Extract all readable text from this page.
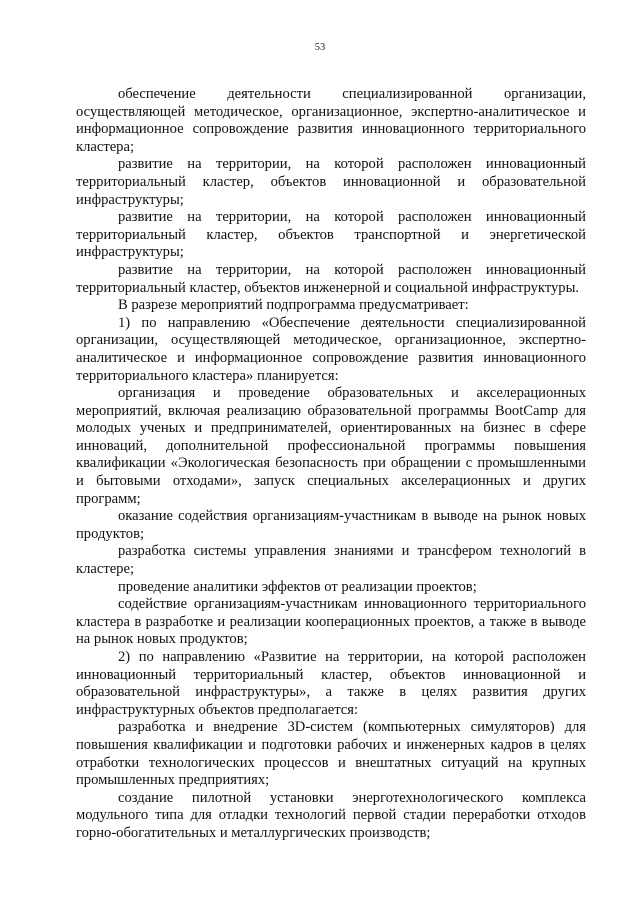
53

обеспечение деятельности специализированной организации, осуществляющей методическое, организационное, экспертно-аналитическое и информационное сопровождение развития инновационного территориального кластера;

развитие на территории, на которой расположен инновационный территориальный кластер, объектов инновационной и образовательной инфраструктуры;

развитие на территории, на которой расположен инновационный территориальный кластер, объектов транспортной и энергетической инфраструктуры;

развитие на территории, на которой расположен инновационный территориальный кластер, объектов инженерной и социальной инфраструктуры.

В разрезе мероприятий подпрограмма предусматривает:

1) по направлению «Обеспечение деятельности специализированной организации, осуществляющей методическое, организационное, экспертно-аналитическое и информационное сопровождение развития инновационного территориального кластера» планируется:

организация и проведение образовательных и акселерационных мероприятий, включая реализацию образовательной программы BootCamp для молодых ученых и предпринимателей, ориентированных на бизнес в сфере инноваций, дополнительной профессиональной программы повышения квалификации «Экологическая безопасность при обращении с промышленными и бытовыми отходами», запуск специальных акселерационных и других программ;

оказание содействия организациям-участникам в выводе на рынок новых продуктов;

разработка системы управления знаниями и трансфером технологий в кластере;

проведение аналитики эффектов от реализации проектов;

содействие организациям-участникам инновационного территориального кластера в разработке и реализации кооперационных проектов, а также в выводе на рынок новых продуктов;

2) по направлению «Развитие на территории, на которой расположен инновационный территориальный кластер, объектов инновационной и образовательной инфраструктуры», а также в целях развития других инфраструктурных объектов предполагается:

разработка и внедрение 3D-систем (компьютерных симуляторов) для повышения квалификации и подготовки рабочих и инженерных кадров в целях отработки технологических процессов и внештатных ситуаций на крупных промышленных предприятиях;

создание пилотной установки энерготехнологического комплекса модульного типа для отладки технологий первой стадии переработки отходов горно-обогатительных и металлургических производств;
